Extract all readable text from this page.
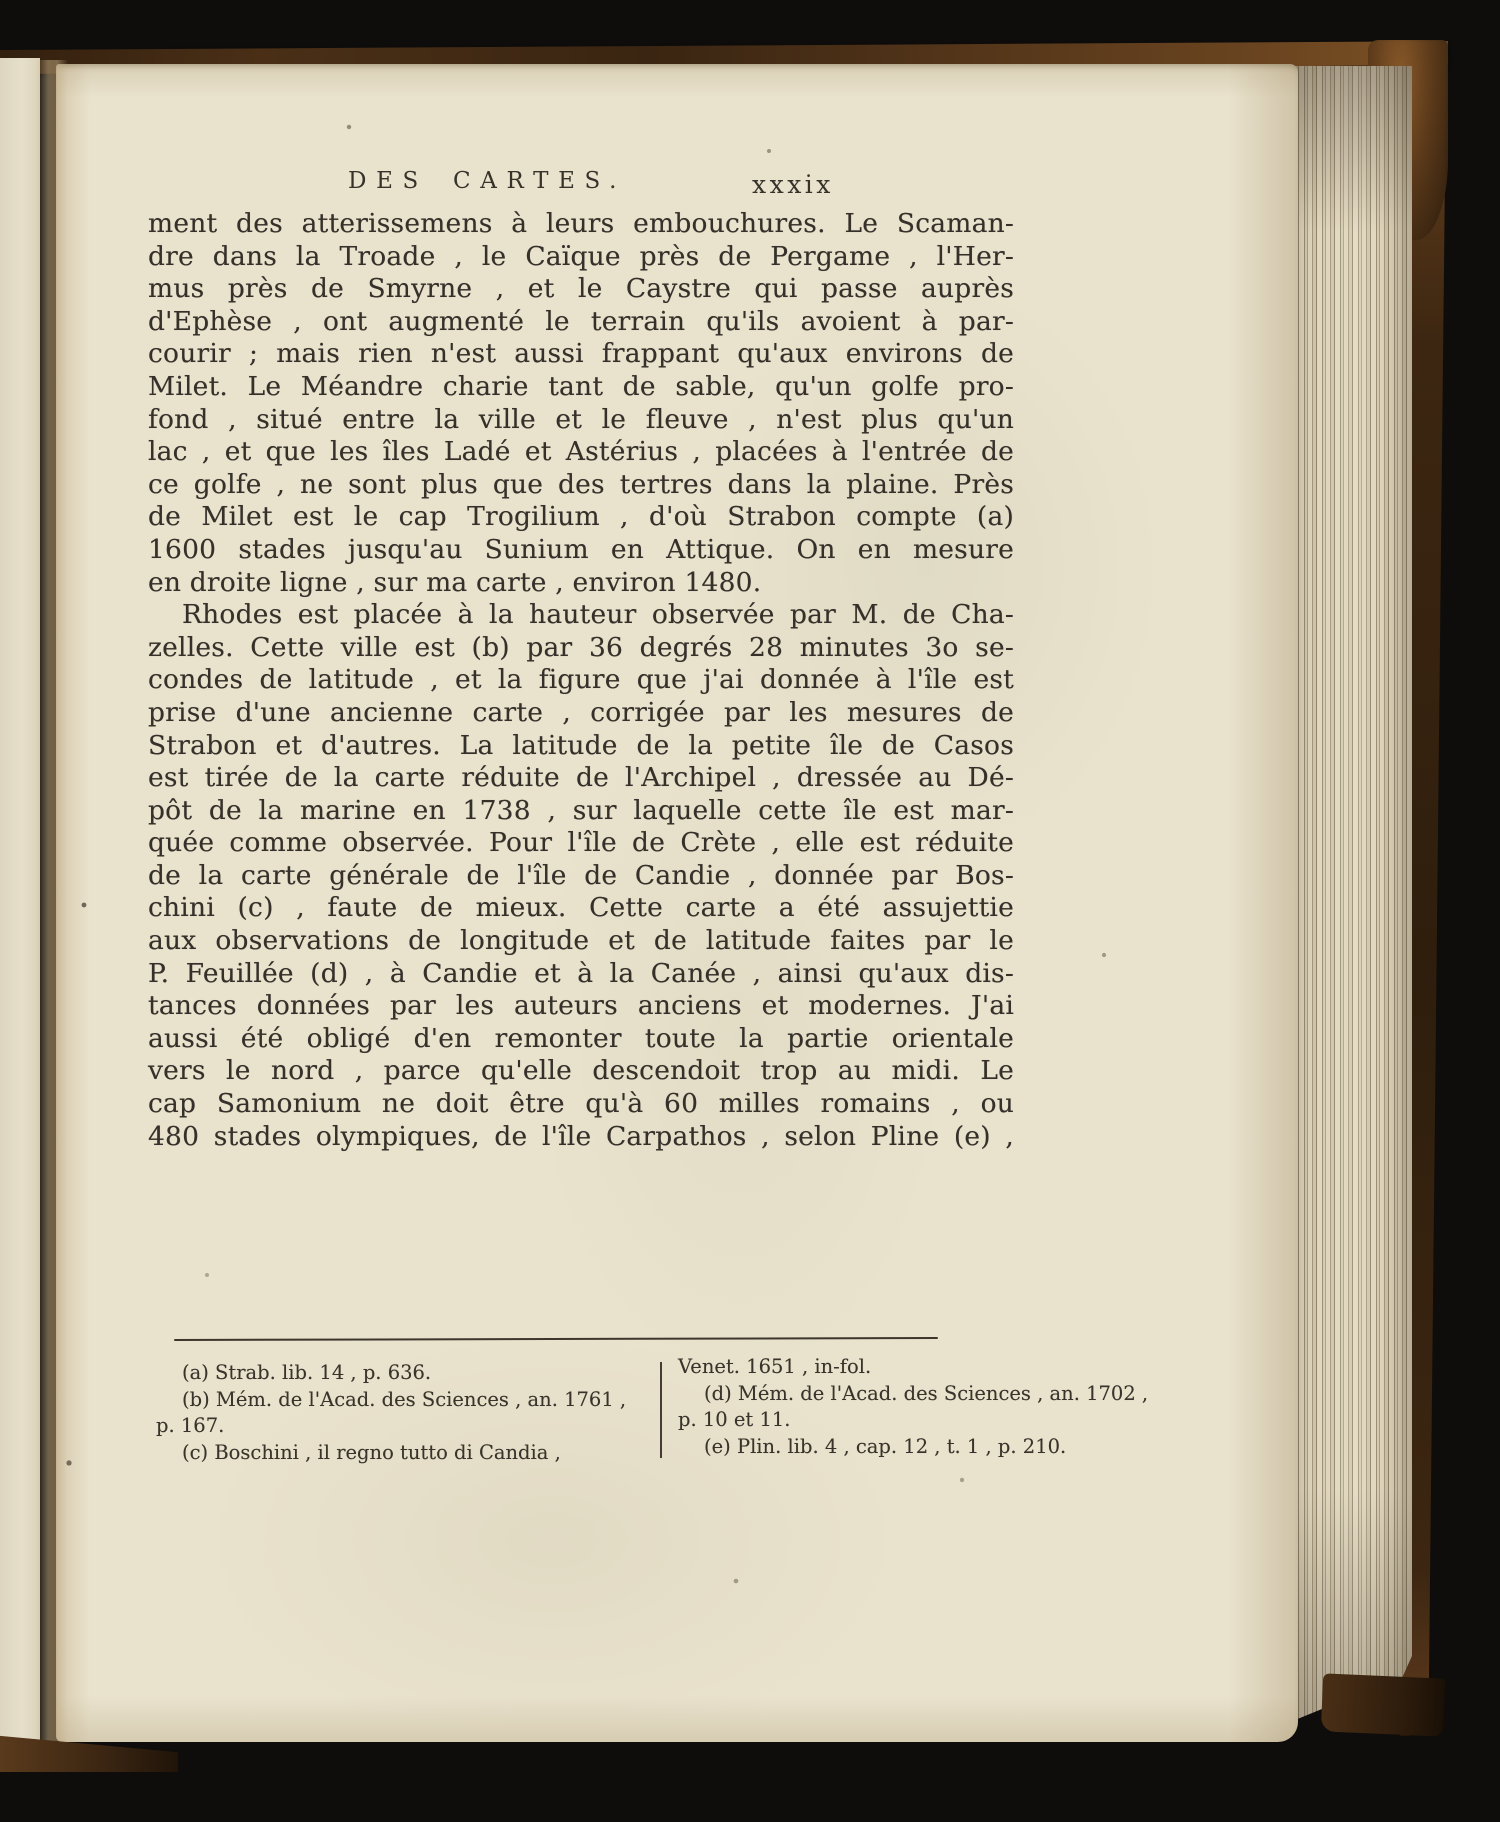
DES CARTES.	xxxix
ment des atterissemens à leurs embouchures. Le Scaman-
dre dans la Troade , le Caïque près de Pergame , l'Her-
mus près de Smyrne , et le Caystre qui passe auprès
d'Ephèse , ont augmenté le terrain qu'ils avoient à par-
courir ; mais rien n'est aussi frappant qu'aux environs de
Milet. Le Méandre charie tant de sable, qu'un golfe pro-
fond , situé entre la ville et le fleuve , n'est plus qu'un
lac , et que les îles Ladé et Astérius , placées à l'entrée de
ce golfe , ne sont plus que des tertres dans la plaine. Près
de Milet est le cap Trogilium , d'où Strabon compte (a)
1600 stades jusqu'au Sunium en Attique. On en mesure
en droite ligne , sur ma carte , environ 1480.
Rhodes est placée à la hauteur observée par M. de Cha-
zelles. Cette ville est (b) par 36 degrés 28 minutes 3o se-
condes de latitude , et la figure que j'ai donnée à l'île est
prise d'une ancienne carte , corrigée par les mesures de
Strabon et d'autres. La latitude de la petite île de Casos
est tirée de la carte réduite de l'Archipel , dressée au Dé-
pôt de la marine en 1738 , sur laquelle cette île est mar-
quée comme observée. Pour l'île de Crète , elle est réduite
de la carte générale de l'île de Candie , donnée par Bos-
chini (c) , faute de mieux. Cette carte a été assujettie
aux observations de longitude et de latitude faites par le
P. Feuillée (d) , à Candie et à la Canée , ainsi qu'aux dis-
tances données par les auteurs anciens et modernes. J'ai
aussi été obligé d'en remonter toute la partie orientale
vers le nord , parce qu'elle descendoit trop au midi. Le
cap Samonium ne doit être qu'à 60 milles romains , ou
480 stades olympiques, de l'île Carpathos , selon Pline (e) ,
(a) Strab. lib. 14 , p. 636.
(b) Mém. de l'Acad. des Sciences , an. 1761 ,
p. 167.
(c) Boschini , il regno tutto di Candia ,
Venet. 1651 , in-fol.
(d) Mém. de l'Acad. des Sciences , an. 1702 ,
p. 10 et 11.
(e) Plin. lib. 4 , cap. 12 , t. 1 , p. 210.
